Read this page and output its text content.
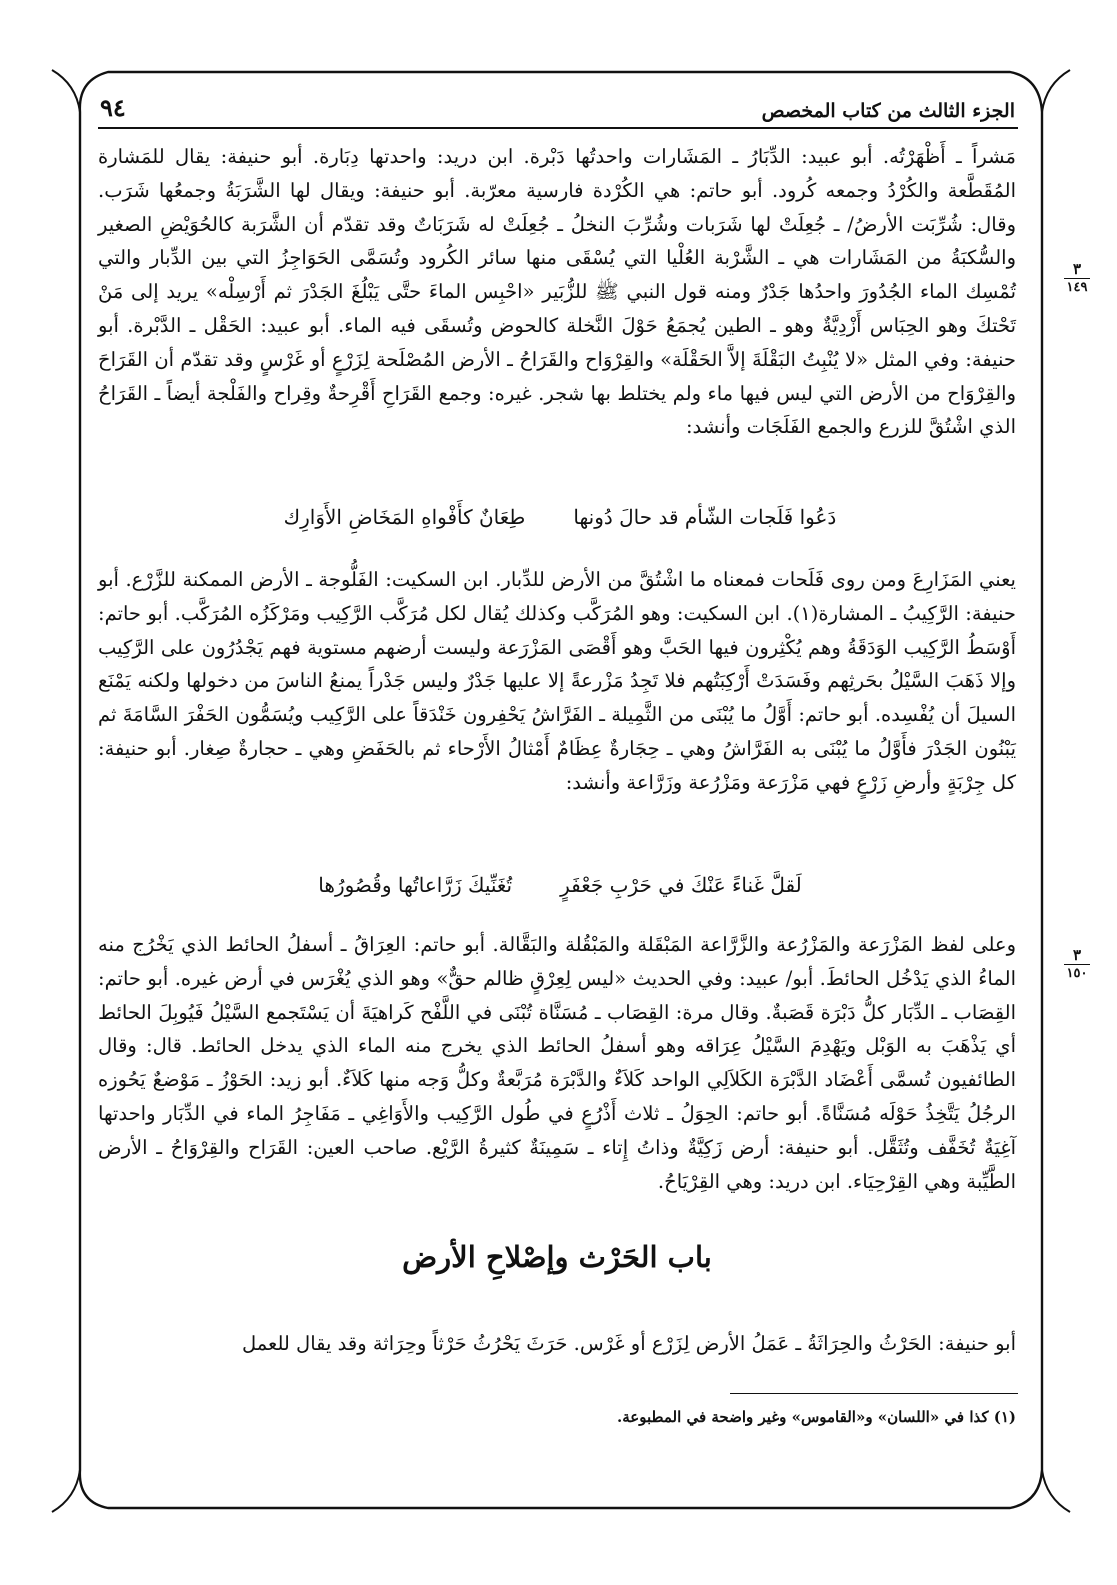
الجزء الثالث من كتاب المخصص
٩٤
٣
١٤٩
٣
١٥٠

مَشراً ـ أَظْهَرْتُه. أبو عبيد: الدِّبَارُ ـ المَشَارات واحدتُها دَبْرة. ابن دريد: واحدتها دِبَارة. أبو حنيفة: يقال للمَشارة المُقَطَّعة والكُرْدُ وجمعه كُرود. أبو حاتم: هي الكُرْدة فارسية معرّبة. أبو حنيفة: ويقال لها الشَّرَبَةُ وجمعُها شَرَب. وقال: شُرِّبَت الأرضُ/ ـ جُعِلَتْ لها شَرَبات وشُرِّبَ النخلُ ـ جُعِلَتْ له شَرَبَاتٌ وقد تقدّم أن الشَّرَبة كالحُوَيْضِ الصغير والسُّكبَةُ من المَشَارات هي ـ الشَّرْبة العُلْيا التي يُسْقَى منها سائر الكُرود وتُسَمَّى الحَوَاجِزُ التي بين الدِّبار والتي تُمْسِك الماء الجُدُورَ واحدُها جَدْرٌ ومنه قول النبي ﷺ للزُّبَير «احْبِس الماءَ حتَّى يَبْلُغَ الجَدْرَ ثم أَرْسِلْه» يريد إلى مَنْ تَحْتكَ وهو الحِبَاس أَزْدِيَّةٌ وهو ـ الطين يُجمَعُ حَوْلَ النَّخلة كالحوض وتُسقَى فيه الماء. أبو عبيد: الحَقْل ـ الدَّبْرة. أبو حنيفة: وفي المثل «لا يُنْبِتُ البَقْلَةَ إلاَّ الحَقْلَة» والقِرْوَاح والقَرَاحُ ـ الأرض المُصْلَحة لِزَرْعٍ أو غَرْسٍ وقد تقدّم أن القَرَاحَ والقِرْوَاح من الأرض التي ليس فيها ماء ولم يختلط بها شجر. غيره: وجمع القَرَاحِ أَقْرِحةٌ وقِراح والفَلْجة أيضاً ـ القَرَاحُ الذي اشْتُقَّ للزرع والجمع الفَلَجَات وأنشد:

دَعُوا فَلَجات الشّأم قد حالَ دُونها
طِعَانٌ كأَفْواهِ المَخَاضِ الأَوَارِك

يعني المَزَارِعَ ومن روى فَلَحات فمعناه ما اشْتُقَّ من الأرض للدِّبار. ابن السكيت: الفَلُّوجة ـ الأرض الممكنة للزَّرْع. أبو حنيفة: الرَّكِيبُ ـ المشارة(١). ابن السكيت: وهو المُرَكَّب وكذلك يُقال لكل مُرَكَّب الرَّكِيب ومَرْكَزُه المُرَكَّب. أبو حاتم: أَوْسَطُ الرَّكِيب الوَدَقَةُ وهم يُكْثِرون فيها الحَبَّ وهو أَقْصَى المَزْرَعة وليست أرضهم مستوية فهم يَجْدُرُون على الرَّكِيب وإلا ذَهَبَ السَّيْلُ بحَرثِهم وفَسَدَتْ أَرْكِبَتُهم فلا تَجِدُ مَزْرعةً إلا عليها جَدْرٌ وليس جَدْراً يمنعُ الناسَ من دخولها ولكنه يَمْنَع السيلَ أن يُفْسِده. أبو حاتم: أَوَّلُ ما يُبْنَى من الثَّمِيلة ـ الفَرَّاشُ يَحْفِرون خَنْدَقاً على الرَّكِيب ويُسَمُّون الحَفْرَ السَّامَةَ ثم يَبْنُون الجَدْرَ فأَوَّلُ ما يُبْنَى به الفَرَّاشُ وهي ـ حِجَارةٌ عِظَامٌ أَمْثالُ الأَرْحاء ثم بالحَفَضِ وهي ـ حجارةٌ صِغار. أبو حنيفة: كل جِرْبَةٍ وأرضِ زَرْعٍ فهي مَزْرَعة ومَزْرُعة وزَرَّاعة وأنشد:

لَقلَّ غَناءً عَنْكَ في حَرْبِ جَعْفَرٍ
تُغَنِّيكَ زَرَّاعاتُها وقُصُورُها

وعلى لفظ المَزْرَعة والمَزْرُعة والزَّرَّاعة المَبْقَلة والمَبْقُلة والبَقَّالة. أبو حاتم: العِرَاقُ ـ أسفلُ الحائط الذي يَخْرُج منه الماءُ الذي يَدْخُل الحائطَ. أبو/ عبيد: وفي الحديث «ليس لِعِرْقٍ ظالم حقٌّ» وهو الذي يُغْرَس في أرض غيره. أبو حاتم: القِصَاب ـ الدِّبَار كلُّ دَبْرَة قَصَبةٌ. وقال مرة: القِصَاب ـ مُسَنَّاة تُبْنَى في اللَّفْح كَراهيَةَ أن يَسْتَجمع السَّيْلُ فَيُوبِلَ الحائط أي يَذْهَبَ به الوَبْل ويَهْدِمَ السَّيْلُ عِرَاقه وهو أسفلُ الحائط الذي يخرج منه الماء الذي يدخل الحائط. قال: وقال الطائفيون تُسمَّى أَعْضَاد الدَّبْرَة الكَلاَلِي الواحد كَلاَءٌ والدَّبْرَة مُرَبَّعةٌ وكلُّ وَجه منها كَلاَءٌ. أبو زيد: الحَوْزُ ـ مَوْضعٌ يَحُوزه الرجُلُ يَتَّخِذُ حَوْلَه مُسَنَّاةً. أبو حاتم: الحِوَلُ ـ ثلاث أَذْرُعٍ في طُول الرَّكِيب والأَوَاغِي ـ مَفَاجِرُ الماء في الدِّبَار واحدتها آغِيَةٌ تُخَفَّف وتُثَقَّل. أبو حنيفة: أرض زَكِيَّةٌ وذاتُ إِتاء ـ سَمِينَةٌ كثيرةُ الرَّيْع. صاحب العين: القَرَاح والقِرْوَاحُ ـ الأرض الطَّيِّبة وهي القِرْحِيَاء. ابن دريد: وهي القِرْيَاحُ.

باب الحَرْث وإصْلاحِ الأرض

أبو حنيفة: الحَرْثُ والحِرَاثَةُ ـ عَمَلُ الأرض لِزَرْع أو غَرْس. حَرَثَ يَحْرُثُ حَرْثاً وحِرَاثة وقد يقال للعمل

(١) كذا في «اللسان» و«القاموس» وغير واضحة في المطبوعة.
